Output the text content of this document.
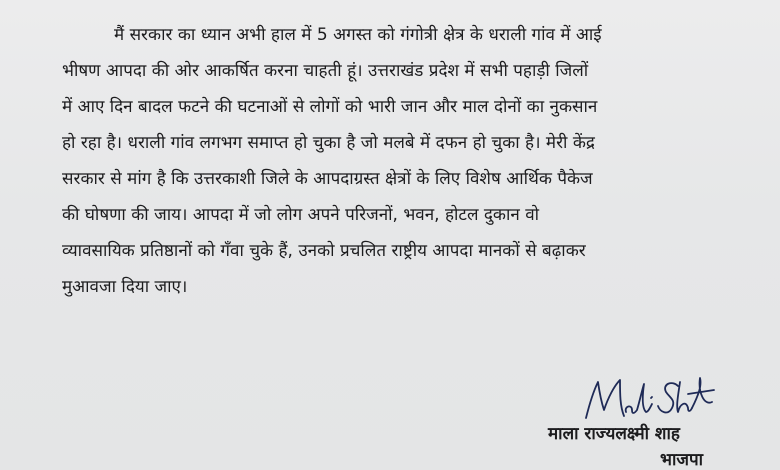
मैं सरकार का ध्यान अभी हाल में 5 अगस्त को गंगोत्री क्षेत्र के धराली गांव में आई
भीषण आपदा की ओर आकर्षित करना चाहती हूं। उत्तराखंड प्रदेश में सभी पहाड़ी जिलों
में आए दिन बादल फटने की घटनाओं से लोगों को भारी जान और माल दोनों का नुकसान
हो रहा है। धराली गांव लगभग समाप्त हो चुका है जो मलबे में दफन हो चुका है। मेरी केंद्र
सरकार से मांग है कि उत्तरकाशी जिले के आपदाग्रस्त क्षेत्रों के लिए विशेष आर्थिक पैकेज
की घोषणा की जाय। आपदा में जो लोग अपने परिजनों, भवन, होटल दुकान वो
व्यावसायिक प्रतिष्ठानों को गँवा चुके हैं, उनको प्रचलित राष्ट्रीय आपदा मानकों से बढ़ाकर
मुआवजा दिया जाए।
माला राज्यलक्ष्मी शाह
भाजपा
